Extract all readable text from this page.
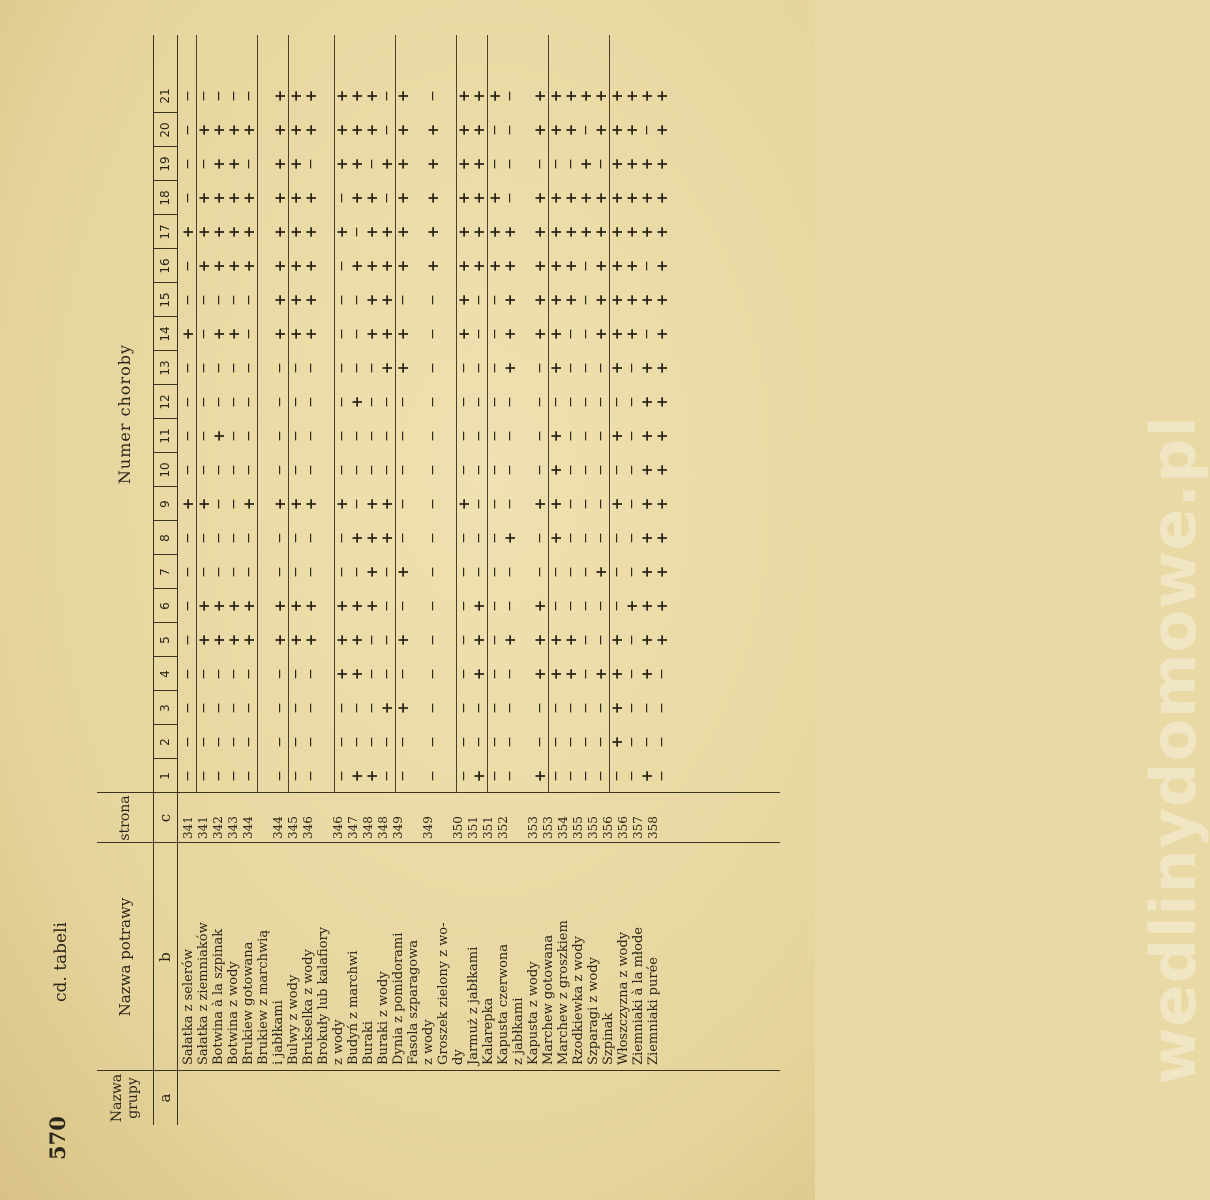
570
cd. tabeli
Nazwa grupy
Nazwa potrawy
strona
Numer choroby
a
b
c
1
2
3
4
5
6
7
8
9
10
11
12
13
14
15
16
17
18
19
20
21
Sałatka z selerów Sałatka z ziemniaków Botwina à la szpinak Botwina z wody Brukiew gotowana Brukiew z marchwią i jabłkami Bulwy z wody Brukselka z wody Brokuły lub kalafiory z wody Budyń z marchwi Buraki Buraki z wody Dynia z pomidorami Fasola szparagowa z wody Groszek zielony z wo- dy Jarmuż z jabłkami Kalarepka Kapusta czerwona z jabłkami Kapusta z wody Marchew gotowana Marchew z groszkiem Rzodkiewka z wody Szparagi z wody Szpinak Włoszczyzna z wody Ziemniaki à la młode Ziemniaki purée
341 341 342 343 344 344 345 346 346 347 348 348 349 349 350 351 351 352 353 353 354 355 355 356 356 357 358
−
−
−
−
−
−
−
−
+
−
−
−
−
+
−
−
+
−
−
−
−
−
−
−
−
+
+
−
−
+
−
−
−
−
−
−
+
+
+
−
+
−
−
−
−
−
+
+
−
−
−
−
+
−
−
+
−
+
+
+
+
+
−
−
−
−
−
+
+
−
−
−
−
−
−
−
+
−
+
+
+
+
+
−
−
−
−
−
+
+
−
−
+
−
−
−
−
−
−
+
+
+
−
+
−
−
−
−
−
+
+
−
−
+
−
−
−
−
+
+
+
+
+
+
+
+
−
−
−
−
+
+
−
−
+
−
−
−
−
+
+
+
+
+
+
+
+
−
−
−
−
+
+
−
−
+
−
−
−
−
+
+
+
+
+
−
+
+
−
−
−
+
+
+
−
−
+
−
−
−
−
−
−
−
+
−
+
+
+
+
−
−
+
+
+
−
+
−
−
−
+
−
−
−
+
−
+
+
+
+
+
−
−
−
−
+
+
+
+
−
−
−
−
+
+
+
+
+
−
+
+
−
−
+
−
−
−
−
+
+
−
−
−
+
+
+
+
+
−
+
−
−
−
−
+
−
+
−
+
−
−
−
−
−
+
+
−
+
+
+
+
+
+
−
−
−
−
−
−
−
−
−
−
−
−
−
−
−
+
+
+
+
+
−
−
−
−
−
−
−
−
−
+
−
−
−
−
+
+
+
+
+
+
+
+
+
−
−
+
+
+
−
−
−
−
−
−
−
−
−
+
+
+
+
+
+
−
−
−
−
−
−
−
−
−
−
−
−
−
−
−
+
+
+
−
−
+
−
−
−
−
+
−
−
+
−
−
−
−
+
+
+
+
+
−
−
−
−
+
−
−
+
+
+
−
−
+
−
−
−
−
+
+
+
+
+
−
+
+
−
−
−
+
+
−
−
+
+
+
+
−
+
+
+
+
+
+
−
+
+
−
−
−
+
+
−
−
−
−
−
−
−
−
−
+
+
+
+
−
+
+
−
−
−
−
−
−
−
−
−
−
−
−
−
−
−
−
+
+
+
−
+
−
−
−
+
−
−
+
−
−
−
−
−
−
+
+
+
+
+
−
+
+
−
+
+
+
+
−
−
−
+
−
+
−
+
+
+
+
+
+
+
+
+
−
−
−
−
−
+
−
−
−
−
−
−
−
+
+
+
+
+
+
+
+
+
−
−
+
+
+
+
+
+
+
+
+
+
−
+
−
+
+
+
−
+
−
−
−
−
+
+
+
+
+
+
+
+
+
+
+
+
+
+
+
+
+
wedlinydomowe.pl
